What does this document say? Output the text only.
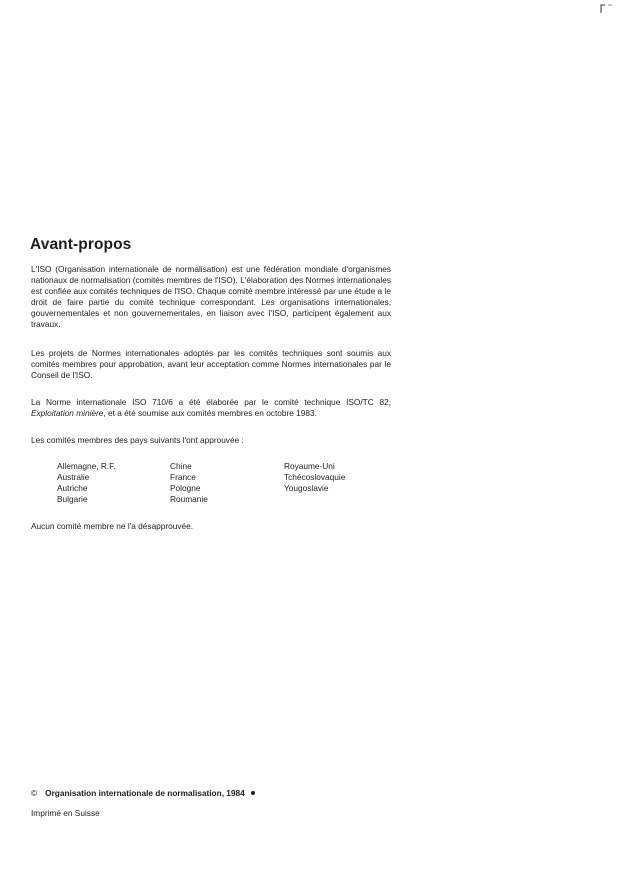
Avant-propos

L'ISO (Organisation internationale de normalisation) est une fédération mondiale d'organismes nationaux de normalisation (comités membres de l'ISO). L'élaboration des Normes internationales est confiée aux comités techniques de l'ISO. Chaque comité membre intéressé par une étude a le droit de faire partie du comité technique correspondant. Les organisations internationales, gouvernementales et non gouvernementales, en liaison avec l'ISO, participent également aux travaux.

Les projets de Normes internationales adoptés par les comités techniques sont soumis aux comités membres pour approbation, avant leur acceptation comme Normes internationales par le Conseil de l'ISO.

La Norme internationale ISO 710/6 a été élaborée par le comité technique ISO/TC 82, Exploitation minière, et a été soumise aux comités membres en octobre 1983.

Les comités membres des pays suivants l'ont approuvée :

Allemagne, R.F.
Australie
Autriche
Bulgarie
Chine
France
Pologne
Roumanie
Royaume-Uni
Tchécoslovaquie
Yougoslavie

Aucun comité membre ne l'a désapprouvée.

© Organisation internationale de normalisation, 1984
Imprimé en Suisse
